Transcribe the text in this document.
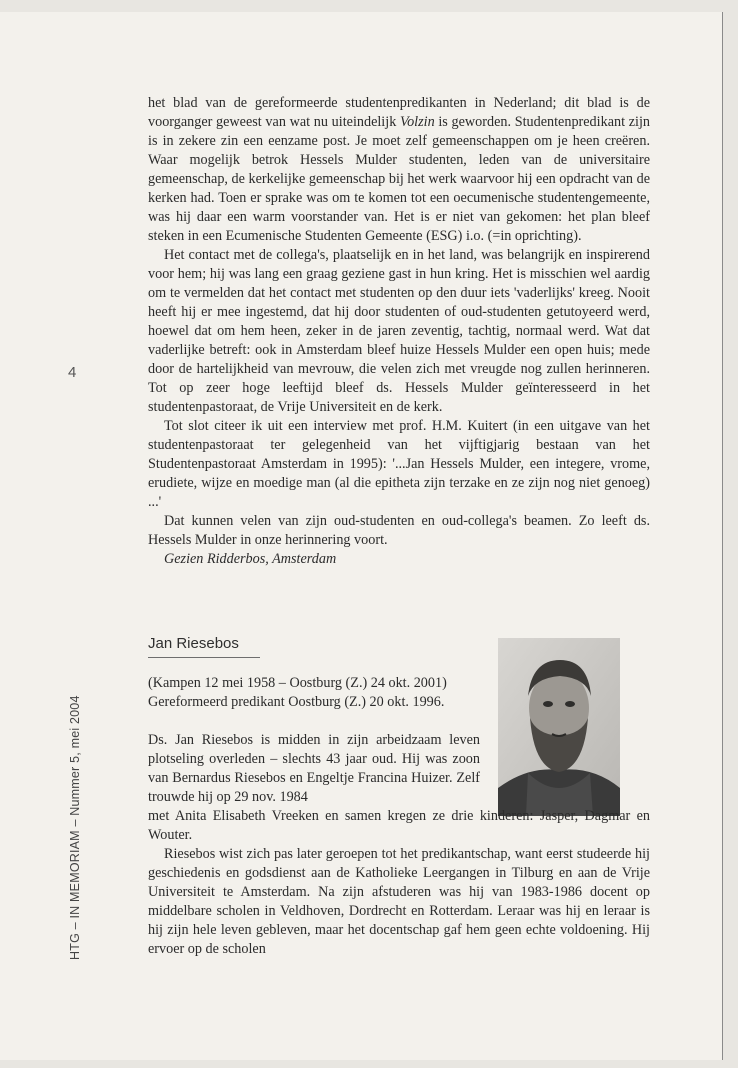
4
HTG – IN MEMORIAM – Nummer 5, mei 2004

het blad van de gereformeerde studentenpredikanten in Nederland; dit blad is de voorganger geweest van wat nu uiteindelijk Volzin is geworden. Studentenpredikant zijn is in zekere zin een eenzame post. Je moet zelf gemeenschappen om je heen creëren. Waar mogelijk betrok Hessels Mulder studenten, leden van de universitaire gemeenschap, de kerkelijke gemeenschap bij het werk waarvoor hij een opdracht van de kerken had. Toen er sprake was om te komen tot een oecumenische studentengemeente, was hij daar een warm voorstander van. Het is er niet van gekomen: het plan bleef steken in een Ecumenische Studenten Gemeente (ESG) i.o. (=in oprichting).

Het contact met de collega's, plaatselijk en in het land, was belangrijk en inspirerend voor hem; hij was lang een graag geziene gast in hun kring. Het is misschien wel aardig om te vermelden dat het contact met studenten op den duur iets 'vaderlijks' kreeg. Nooit heeft hij er mee ingestemd, dat hij door studenten of oud-studenten getutoyeerd werd, hoewel dat om hem heen, zeker in de jaren zeventig, tachtig, normaal werd. Wat dat vaderlijke betreft: ook in Amsterdam bleef huize Hessels Mulder een open huis; mede door de hartelijkheid van mevrouw, die velen zich met vreugde nog zullen herinneren. Tot op zeer hoge leeftijd bleef ds. Hessels Mulder geïnteresseerd in het studentenpastoraat, de Vrije Universiteit en de kerk.

Tot slot citeer ik uit een interview met prof. H.M. Kuitert (in een uitgave van het studentenpastoraat ter gelegenheid van het vijftigjarig bestaan van het Studentenpastoraat Amsterdam in 1995): '...Jan Hessels Mulder, een integere, vrome, erudiete, wijze en moedige man (al die epitheta zijn terzake en ze zijn nog niet genoeg) ...'

Dat kunnen velen van zijn oud-studenten en oud-collega's beamen. Zo leeft ds. Hessels Mulder in onze herinnering voort.

Gezien Ridderbos, Amsterdam

Jan Riesebos

(Kampen 12 mei 1958 – Oostburg (Z.) 24 okt. 2001)

Gereformeerd predikant Oostburg (Z.) 20 okt. 1996.

Ds. Jan Riesebos is midden in zijn arbeidzaam leven plotseling overleden – slechts 43 jaar oud. Hij was zoon van Bernardus Riesebos en Engeltje Francina Huizer. Zelf trouwde hij op 29 nov. 1984

met Anita Elisabeth Vreeken en samen kregen ze drie kinderen: Jasper, Dagmar en Wouter.

Riesebos wist zich pas later geroepen tot het predikantschap, want eerst studeerde hij geschiedenis en godsdienst aan de Katholieke Leergangen in Tilburg en aan de Vrije Universiteit te Amsterdam. Na zijn afstuderen was hij van 1983-1986 docent op middelbare scholen in Veldhoven, Dordrecht en Rotterdam. Leraar was hij en leraar is hij zijn hele leven gebleven, maar het docentschap gaf hem geen echte voldoening. Hij ervoer op de scholen
